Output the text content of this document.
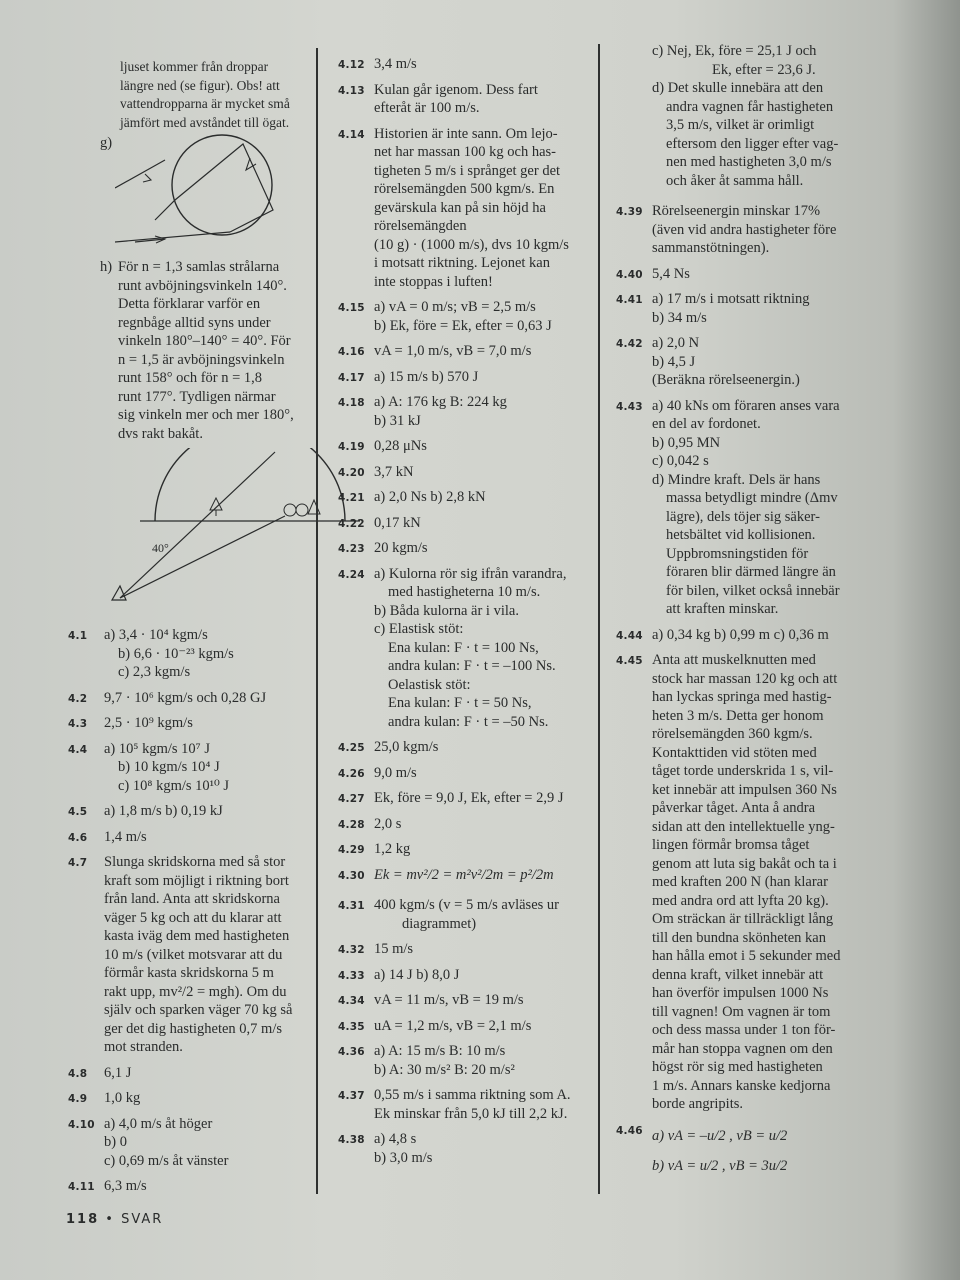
ljuset kommer från droppar
längre ned (se figur). Obs! att
vattendropparna är mycket små
jämfört med avståndet till ögat.
g)
h) För n = 1,3 samlas strålarna
runt avböjningsvinkeln 140°.
Detta förklarar varför en
regnbåge alltid syns under
vinkeln 180°–140° = 40°. För
n = 1,5 är avböjningsvinkeln
runt 158° och för n = 1,8
runt 177°. Tydligen närmar
sig vinkeln mer och mer 180°,
dvs rakt bakåt.
40°
4.1 a) 3,4 · 10⁴ kgm/s
b) 6,6 · 10⁻²³ kgm/s
c) 2,3 kgm/s
4.2 9,7 · 10⁶ kgm/s och 0,28 GJ
4.3 2,5 · 10⁹ kgm/s
4.4 a) 10⁵ kgm/s 10⁷ J
b) 10 kgm/s 10⁴ J
c) 10⁸ kgm/s 10¹⁰ J
4.5 a) 1,8 m/s b) 0,19 kJ
4.6 1,4 m/s
4.7 Slunga skridskorna med så stor
kraft som möjligt i riktning bort
från land. Anta att skridskorna
väger 5 kg och att du klarar att
kasta iväg dem med hastigheten
10 m/s (vilket motsvarar att du
förmår kasta skridskorna 5 m
rakt upp, mv²/2 = mgh). Om du
själv och sparken väger 70 kg så
ger det dig hastigheten 0,7 m/s
mot stranden.
4.8 6,1 J
4.9 1,0 kg
4.10 a) 4,0 m/s åt höger
b) 0
c) 0,69 m/s åt vänster
4.11 6,3 m/s
4.12 3,4 m/s
4.13 Kulan går igenom. Dess fart
efteråt är 100 m/s.
4.14 Historien är inte sann. Om lejo-
net har massan 100 kg och has-
tigheten 5 m/s i språnget ger det
rörelsemängden 500 kgm/s. En
gevärskula kan på sin höjd ha
rörelsemängden
(10 g) · (1000 m/s), dvs 10 kgm/s
i motsatt riktning. Lejonet kan
inte stoppas i luften!
4.15 a) vA = 0 m/s; vB = 2,5 m/s
b) Ek, före = Ek, efter = 0,63 J
4.16 vA = 1,0 m/s, vB = 7,0 m/s
4.17 a) 15 m/s b) 570 J
4.18 a) A: 176 kg B: 224 kg
b) 31 kJ
4.19 0,28 μNs
4.20 3,7 kN
4.21 a) 2,0 Ns b) 2,8 kN
4.22 0,17 kN
4.23 20 kgm/s
4.24 a) Kulorna rör sig ifrån varandra,
med hastigheterna 10 m/s.
b) Båda kulorna är i vila.
c) Elastisk stöt:
Ena kulan: F · t = 100 Ns,
andra kulan: F · t = –100 Ns.
Oelastisk stöt:
Ena kulan: F · t = 50 Ns,
andra kulan: F · t = –50 Ns.
4.25 25,0 kgm/s
4.26 9,0 m/s
4.27 Ek, före = 9,0 J, Ek, efter = 2,9 J
4.28 2,0 s
4.29 1,2 kg
4.30 Ek = mv²/2 = m²v²/2m = p²/2m
4.31 400 kgm/s (v = 5 m/s avläses ur
diagrammet)
4.32 15 m/s
4.33 a) 14 J b) 8,0 J
4.34 vA = 11 m/s, vB = 19 m/s
4.35 uA = 1,2 m/s, vB = 2,1 m/s
4.36 a) A: 15 m/s B: 10 m/s
b) A: 30 m/s² B: 20 m/s²
4.37 0,55 m/s i samma riktning som A.
Ek minskar från 5,0 kJ till 2,2 kJ.
4.38 a) 4,8 s
b) 3,0 m/s
c) Nej, Ek, före = 25,1 J och
Ek, efter = 23,6 J.
d) Det skulle innebära att den
andra vagnen får hastigheten
3,5 m/s, vilket är orimligt
eftersom den ligger efter vag-
nen med hastigheten 3,0 m/s
och åker åt samma håll.
4.39 Rörelseenergin minskar 17%
(även vid andra hastigheter före
sammanstötningen).
4.40 5,4 Ns
4.41 a) 17 m/s i motsatt riktning
b) 34 m/s
4.42 a) 2,0 N
b) 4,5 J
(Beräkna rörelseenergin.)
4.43 a) 40 kNs om föraren anses vara
en del av fordonet.
b) 0,95 MN
c) 0,042 s
d) Mindre kraft. Dels är hans
massa betydligt mindre (Δmv
lägre), dels töjer sig säker-
hetsbältet vid kollisionen.
Uppbromsningstiden för
föraren blir därmed längre än
för bilen, vilket också innebär
att kraften minskar.
4.44 a) 0,34 kg b) 0,99 m c) 0,36 m
4.45 Anta att muskelknutten med
stock har massan 120 kg och att
han lyckas springa med hastig-
heten 3 m/s. Detta ger honom
rörelsemängden 360 kgm/s.
Kontakttiden vid stöten med
tåget torde underskrida 1 s, vil-
ket innebär att impulsen 360 Ns
påverkar tåget. Anta å andra
sidan att den intellektuelle yng-
lingen förmår bromsa tåget
genom att luta sig bakåt och ta i
med kraften 200 N (han klarar
med andra ord att lyfta 20 kg).
Om sträckan är tillräckligt lång
till den bundna skönheten kan
han hålla emot i 5 sekunder med
denna kraft, vilket innebär att
han överför impulsen 1000 Ns
till vagnen! Om vagnen är tom
och dess massa under 1 ton för-
mår han stoppa vagnen om den
högst rör sig med hastigheten
1 m/s. Annars kanske kedjorna
borde angripits.
4.46 a) vA = –u/2 , vB = u/2
b) vA = u/2 , vB = 3u/2
118 • SVAR
